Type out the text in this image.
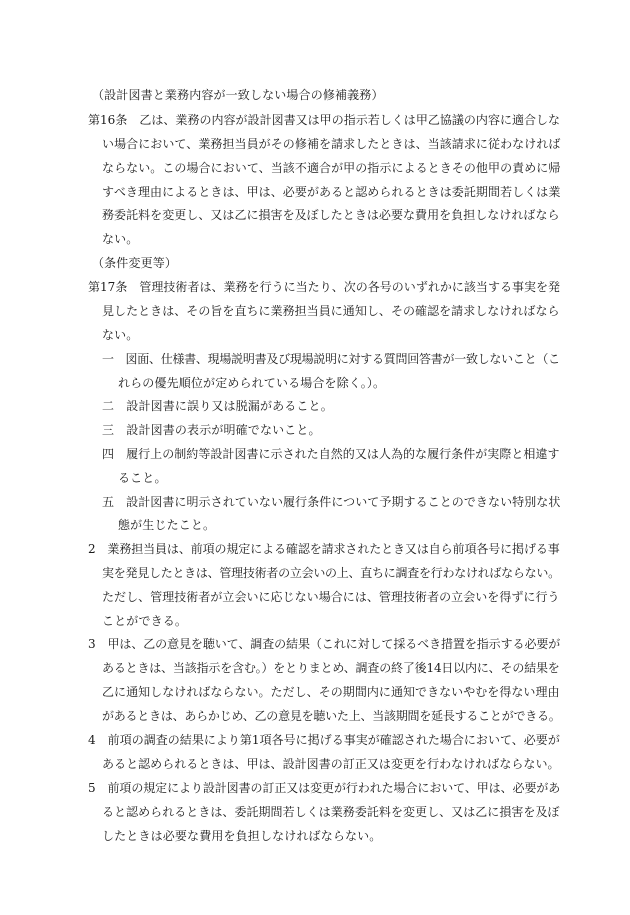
（設計図書と業務内容が一致しない場合の修補義務）
第16条　乙は、業務の内容が設計図書又は甲の指示若しくは甲乙協議の内容に適合しな
い場合において、業務担当員がその修補を請求したときは、当該請求に従わなければ
ならない。この場合において、当該不適合が甲の指示によるときその他甲の責めに帰
すべき理由によるときは、甲は、必要があると認められるときは委託期間若しくは業
務委託料を変更し、又は乙に損害を及ぼしたときは必要な費用を負担しなければなら
ない。
（条件変更等）
第17条　管理技術者は、業務を行うに当たり、次の各号のいずれかに該当する事実を発
見したときは、その旨を直ちに業務担当員に通知し、その確認を請求しなければなら
ない。
一　図面、仕様書、現場説明書及び現場説明に対する質問回答書が一致しないこと（こ
れらの優先順位が定められている場合を除く。）。
二　設計図書に誤り又は脱漏があること。
三　設計図書の表示が明確でないこと。
四　履行上の制約等設計図書に示された自然的又は人為的な履行条件が実際と相違す
ること。
五　設計図書に明示されていない履行条件について予期することのできない特別な状
態が生じたこと。
2　業務担当員は、前項の規定による確認を請求されたとき又は自ら前項各号に掲げる事
実を発見したときは、管理技術者の立会いの上、直ちに調査を行わなければならない。
ただし、管理技術者が立会いに応じない場合には、管理技術者の立会いを得ずに行う
ことができる。
3　甲は、乙の意見を聴いて、調査の結果（これに対して採るべき措置を指示する必要が
あるときは、当該指示を含む。）をとりまとめ、調査の終了後14日以内に、その結果を
乙に通知しなければならない。ただし、その期間内に通知できないやむを得ない理由
があるときは、あらかじめ、乙の意見を聴いた上、当該期間を延長することができる。
4　前項の調査の結果により第1項各号に掲げる事実が確認された場合において、必要が
あると認められるときは、甲は、設計図書の訂正又は変更を行わなければならない。
5　前項の規定により設計図書の訂正又は変更が行われた場合において、甲は、必要があ
ると認められるときは、委託期間若しくは業務委託料を変更し、又は乙に損害を及ぼ
したときは必要な費用を負担しなければならない。
